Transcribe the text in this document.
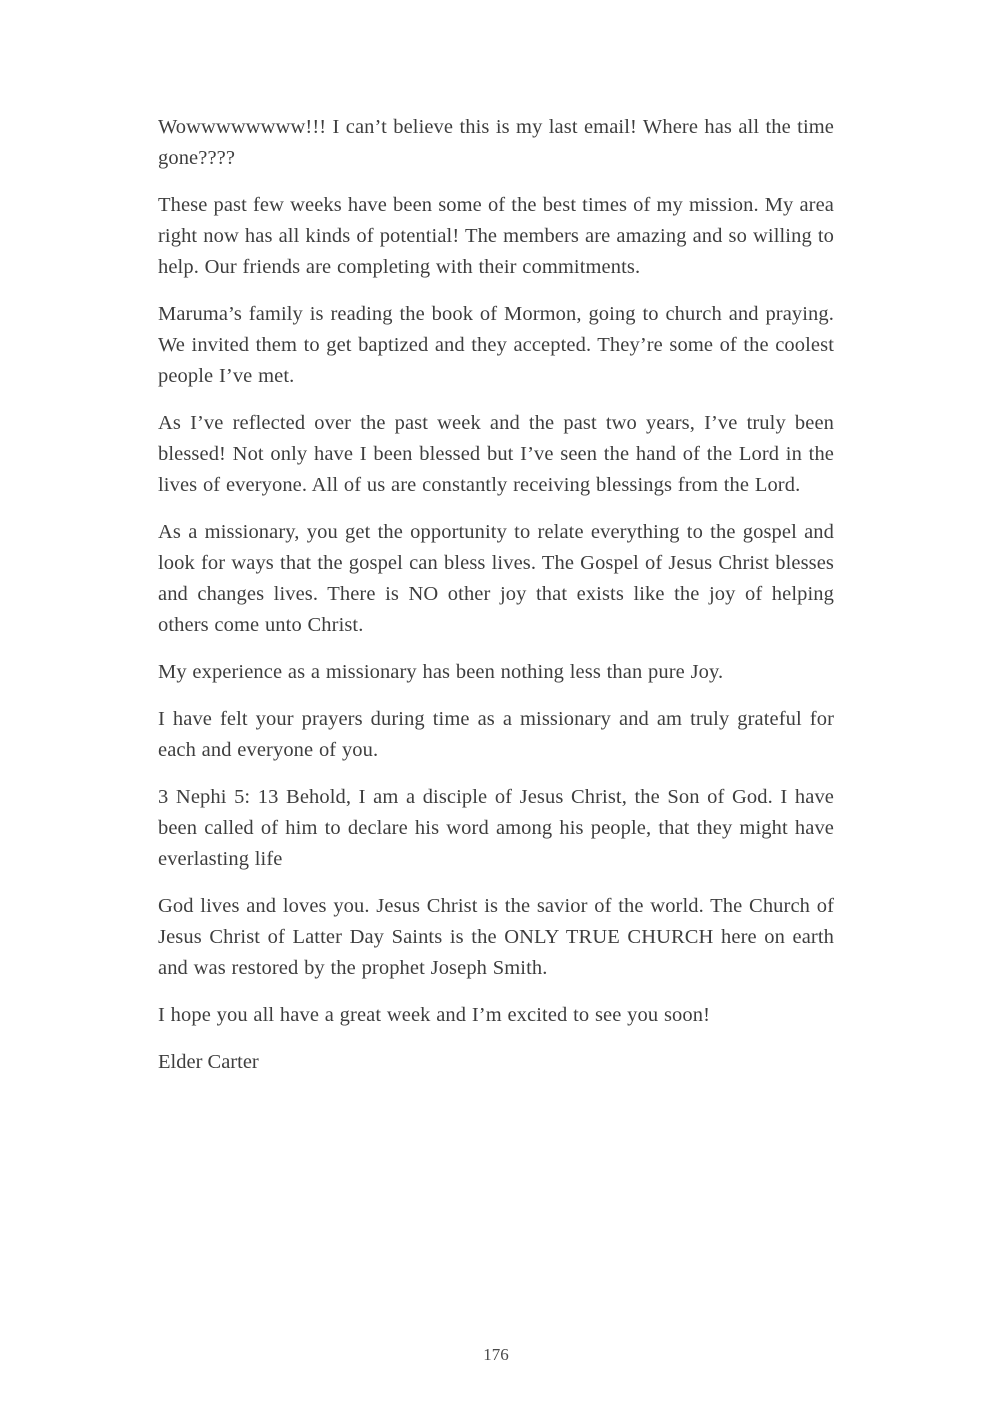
Wowwwwwwww!!! I can’t believe this is my last email! Where has all the time gone????

These past few weeks have been some of the best times of my mission. My area right now has all kinds of potential! The members are amazing and so willing to help. Our friends are completing with their commitments.

Maruma’s family is reading the book of Mormon, going to church and praying. We invited them to get baptized and they accepted. They’re some of the coolest people I’ve met.

As I’ve reflected over the past week and the past two years, I’ve truly been blessed! Not only have I been blessed but I’ve seen the hand of the Lord in the lives of everyone. All of us are constantly receiving blessings from the Lord.

As a missionary, you get the opportunity to relate everything to the gospel and look for ways that the gospel can bless lives. The Gospel of Jesus Christ blesses and changes lives. There is NO other joy that exists like the joy of helping others come unto Christ.

My experience as a missionary has been nothing less than pure Joy.

I have felt your prayers during time as a missionary and am truly grateful for each and everyone of you.

3 Nephi 5: 13 Behold, I am a disciple of Jesus Christ, the Son of God. I have been called of him to declare his word among his people, that they might have everlasting life

God lives and loves you. Jesus Christ is the savior of the world. The Church of Jesus Christ of Latter Day Saints is the ONLY TRUE CHURCH here on earth and was restored by the prophet Joseph Smith.

I hope you all have a great week and I’m excited to see you soon!

Elder Carter

176
